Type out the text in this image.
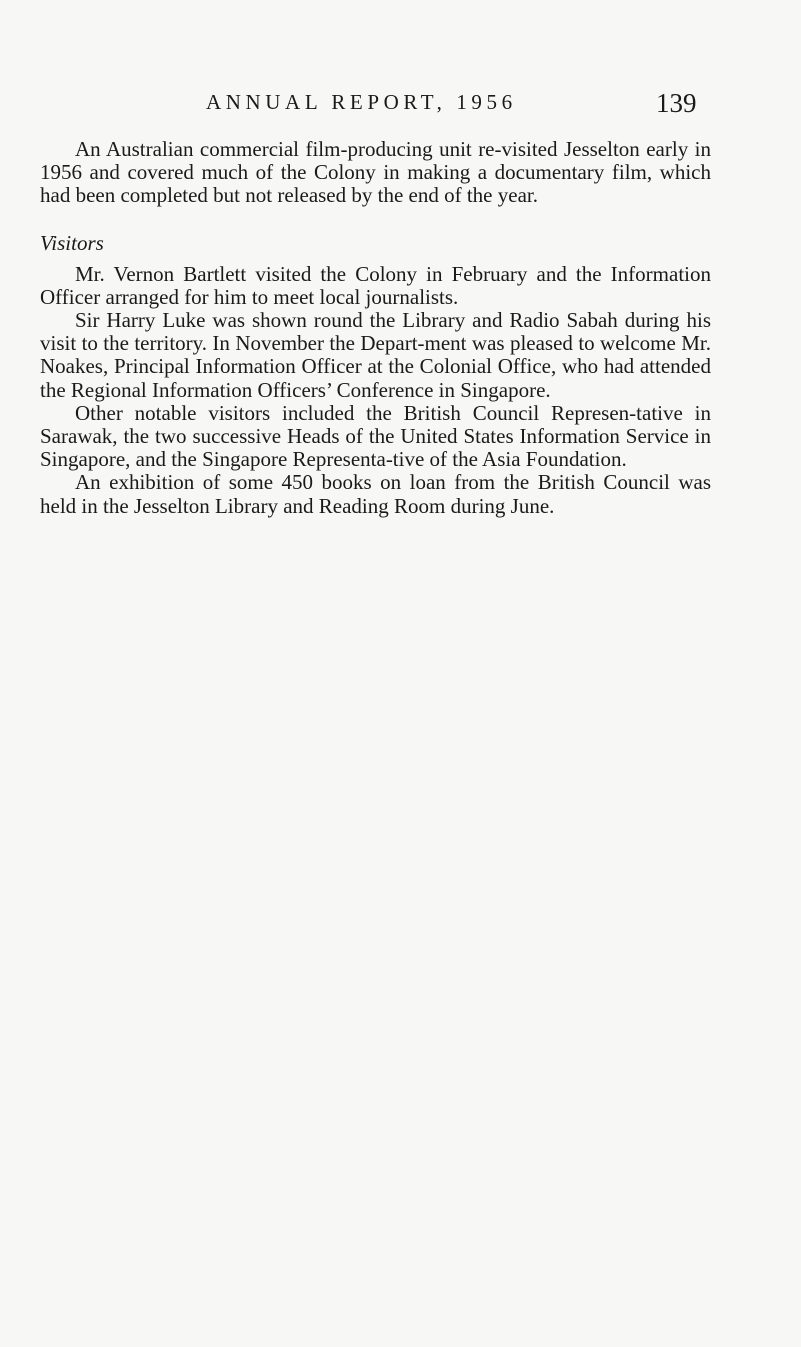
ANNUAL REPORT, 1956	139

An Australian commercial film-producing unit re-visited Jesselton early in 1956 and covered much of the Colony in making a documentary film, which had been completed but not released by the end of the year.

Visitors

Mr. Vernon Bartlett visited the Colony in February and the Information Officer arranged for him to meet local journalists.

Sir Harry Luke was shown round the Library and Radio Sabah during his visit to the territory. In November the Depart-ment was pleased to welcome Mr. Noakes, Principal Information Officer at the Colonial Office, who had attended the Regional Information Officers’ Conference in Singapore.

Other notable visitors included the British Council Represen-tative in Sarawak, the two successive Heads of the United States Information Service in Singapore, and the Singapore Representa-tive of the Asia Foundation.

An exhibition of some 450 books on loan from the British Council was held in the Jesselton Library and Reading Room during June.
